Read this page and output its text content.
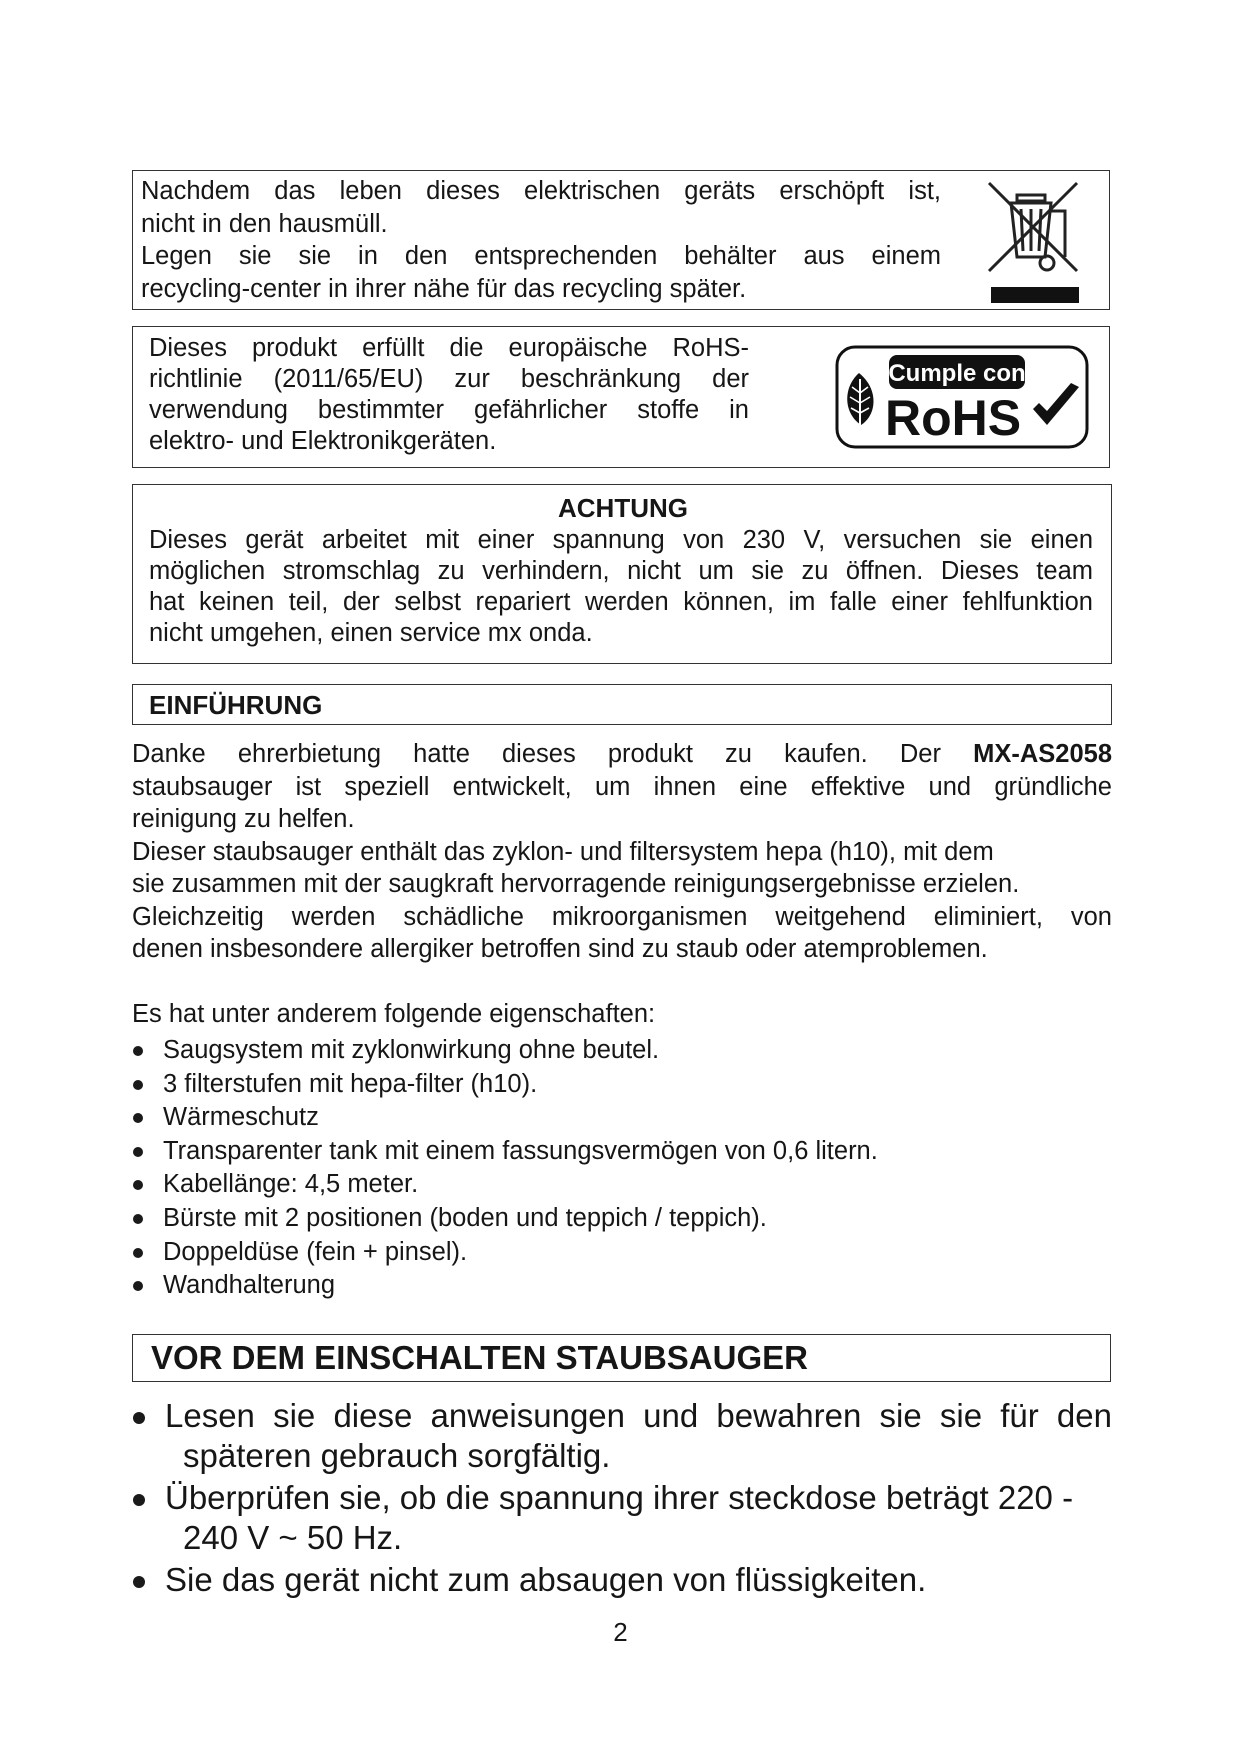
Nachdem das leben dieses elektrischen geräts erschöpft ist,

nicht in den hausmüll.

Legen sie sie in den entsprechenden behälter aus einem

recycling-center in ihrer nähe für das recycling später.

Dieses produkt erfüllt die europäische RoHS-

richtlinie (2011/65/EU) zur beschränkung der

verwendung bestimmter gefährlicher stoffe in

elektro- und Elektronikgeräten.

Cumple con
RoHS
ACHTUNG

Dieses gerät arbeitet mit einer spannung von 230 V, versuchen sie einen

möglichen stromschlag zu verhindern, nicht um sie zu öffnen. Dieses team

hat keinen teil, der selbst repariert werden können, im falle einer fehlfunktion

nicht umgehen, einen service mx onda.

EINFÜHRUNG

Danke ehrerbietung hatte dieses produkt zu kaufen. Der MX-AS2058

staubsauger ist speziell entwickelt, um ihnen eine effektive und gründliche

reinigung zu helfen.

Dieser staubsauger enthält das zyklon- und filtersystem hepa (h10), mit dem

sie zusammen mit der saugkraft hervorragende reinigungsergebnisse erzielen.

Gleichzeitig werden schädliche mikroorganismen weitgehend eliminiert, von

denen insbesondere allergiker betroffen sind zu staub oder atemproblemen.

Es hat unter anderem folgende eigenschaften:
Saugsystem mit zyklonwirkung ohne beutel.
3 filterstufen mit hepa-filter (h10).
Wärmeschutz
Transparenter tank mit einem fassungsvermögen von 0,6 litern.
Kabellänge: 4,5 meter.
Bürste mit 2 positionen (boden und teppich / teppich).
Doppeldüse (fein + pinsel).
Wandhalterung
VOR DEM EINSCHALTEN STAUBSAUGER
Lesen sie diese anweisungen und bewahren sie sie für den
späteren gebrauch sorgfältig.
Überprüfen sie, ob die spannung ihrer steckdose beträgt 220 -
240 V ~ 50 Hz.
Sie das gerät nicht zum absaugen von flüssigkeiten.
2
